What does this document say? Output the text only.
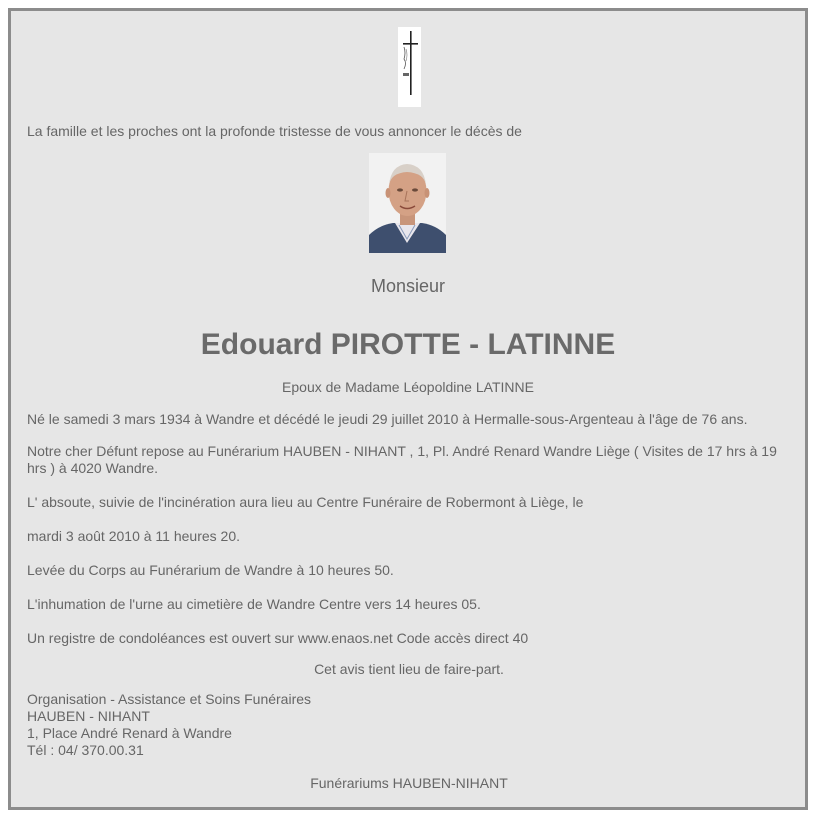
La famille et les proches ont la profonde tristesse de vous annoncer le décès de
Monsieur
Edouard PIROTTE - LATINNE
Epoux de Madame Léopoldine LATINNE
Né le samedi 3 mars 1934 à Wandre et décédé le jeudi 29 juillet 2010 à Hermalle-sous-Argenteau à l'âge de 76 ans.
Notre cher Défunt repose au Funérarium HAUBEN - NIHANT , 1, Pl. André Renard Wandre Liège ( Visites de 17 hrs à 19 hrs ) à 4020 Wandre.
L' absoute, suivie de l'incinération aura lieu au Centre Funéraire de Robermont à Liège, le
mardi 3 août 2010 à 11 heures 20.
Levée du Corps au Funérarium de Wandre à 10 heures 50.
L'inhumation de l'urne au cimetière de Wandre Centre vers 14 heures 05.
Un registre de condoléances est ouvert sur www.enaos.net Code accès direct 40
Cet avis tient lieu de faire-part.
Organisation - Assistance et Soins Funéraires
HAUBEN - NIHANT
1, Place André Renard à Wandre
Tél : 04/ 370.00.31
Funérariums HAUBEN-NIHANT
